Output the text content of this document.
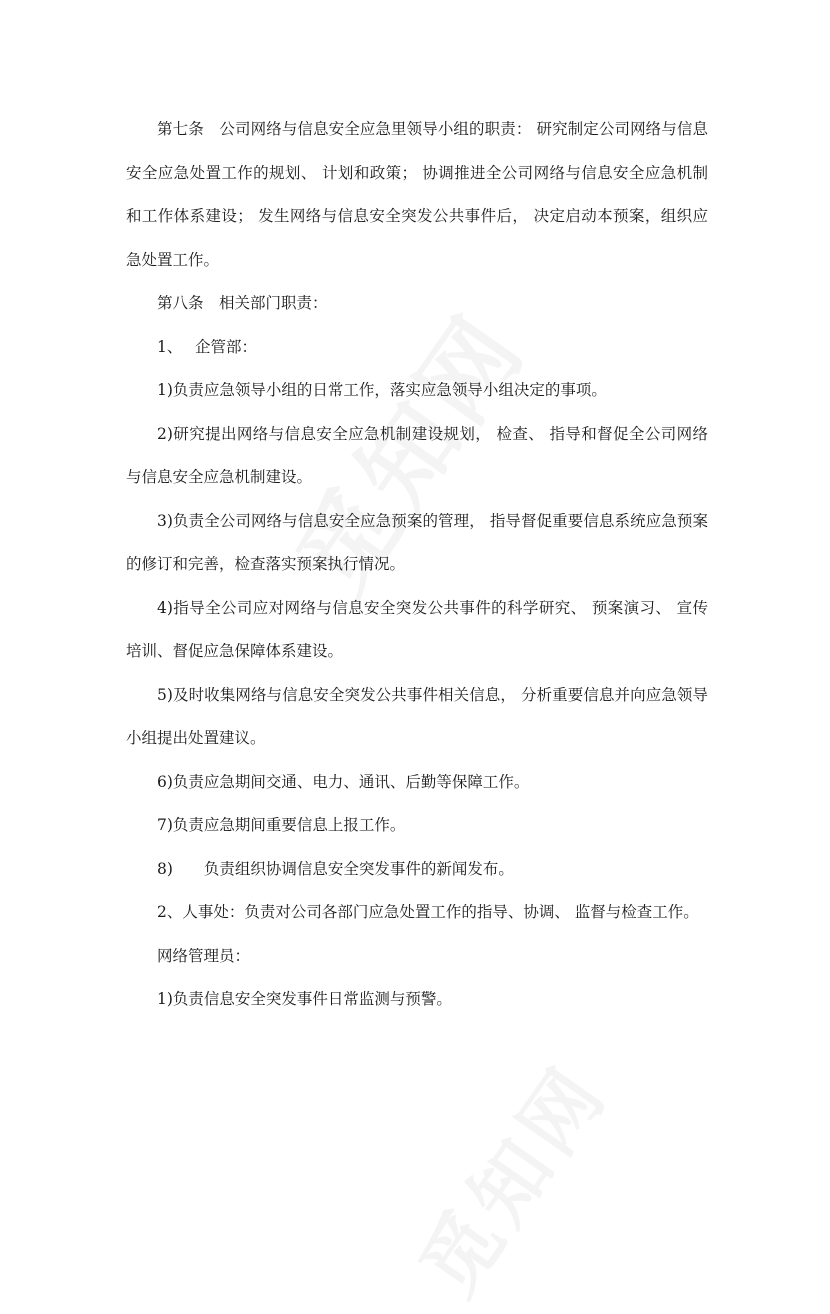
第七条　公司网络与信息安全应急里领导小组的职责： 研究制定公司网络与信息安全应急处置工作的规划、 计划和政策； 协调推进全公司网络与信息安全应急机制和工作体系建设； 发生网络与信息安全突发公共事件后， 决定启动本预案，组织应急处置工作。

第八条　相关部门职责：

1、　 企管部：

1)负责应急领导小组的日常工作，落实应急领导小组决定的事项。

2)研究提出网络与信息安全应急机制建设规划， 检查、 指导和督促全公司网络与信息安全应急机制建设。

3)负责全公司网络与信息安全应急预案的管理， 指导督促重要信息系统应急预案的修订和完善，检查落实预案执行情况。

4)指导全公司应对网络与信息安全突发公共事件的科学研究、 预案演习、 宣传培训、督促应急保障体系建设。

5)及时收集网络与信息安全突发公共事件相关信息， 分析重要信息并向应急领导小组提出处置建议。

6)负责应急期间交通、电力、通讯、后勤等保障工作。

7)负责应急期间重要信息上报工作。

8)　　负责组织协调信息安全突发事件的新闻发布。

2、人事处：负责对公司各部门应急处置工作的指导、协调、 监督与检查工作。

网络管理员：

1)负责信息安全突发事件日常监测与预警。
